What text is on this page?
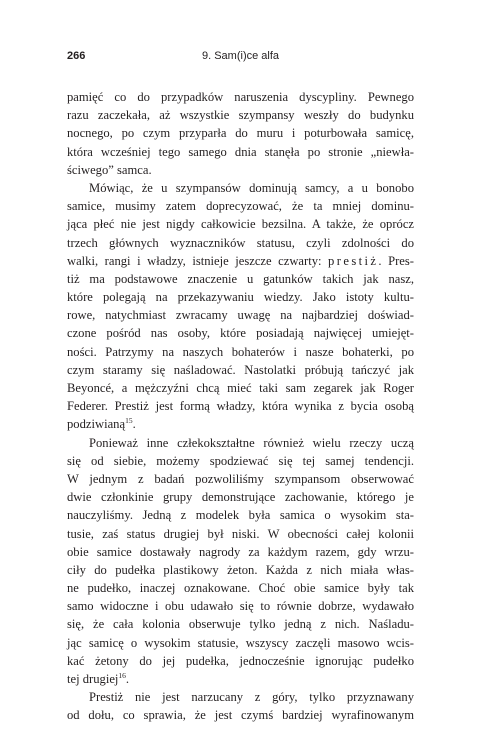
266	9. Sam(i)ce alfa
pamięć co do przypadków naruszenia dyscypliny. Pewnego
razu zaczekała, aż wszystkie szympansy weszły do budynku
nocnego, po czym przyparła do muru i poturbowała samicę,
która wcześniej tego samego dnia stanęła po stronie „niewła-
ściwego” samca.
Mówiąc, że u szympansów dominują samcy, a u bonobo
samice, musimy zatem doprecyzować, że ta mniej dominu-
jąca płeć nie jest nigdy całkowicie bezsilna. A także, że oprócz
trzech głównych wyznaczników statusu, czyli zdolności do
walki, rangi i władzy, istnieje jeszcze czwarty: prestiż. Pres-
tiż ma podstawowe znaczenie u gatunków takich jak nasz,
które polegają na przekazywaniu wiedzy. Jako istoty kultu-
rowe, natychmiast zwracamy uwagę na najbardziej doświad-
czone pośród nas osoby, które posiadają najwięcej umiejęt-
ności. Patrzymy na naszych bohaterów i nasze bohaterki, po
czym staramy się naśladować. Nastolatki próbują tańczyć jak
Beyoncé, a mężczyźni chcą mieć taki sam zegarek jak Roger
Federer. Prestiż jest formą władzy, która wynika z bycia osobą
podziwianą$^{15}$.
Ponieważ inne człekokształtne również wielu rzeczy uczą
się od siebie, możemy spodziewać się tej samej tendencji.
W jednym z badań pozwoliliśmy szympansom obserwować
dwie członkinie grupy demonstrujące zachowanie, którego je
nauczyliśmy. Jedną z modelek była samica o wysokim sta-
tusie, zaś status drugiej był niski. W obecności całej kolonii
obie samice dostawały nagrody za każdym razem, gdy wrzu-
ciły do pudełka plastikowy żeton. Każda z nich miała włas-
ne pudełko, inaczej oznakowane. Choć obie samice były tak
samo widoczne i obu udawało się to równie dobrze, wydawało
się, że cała kolonia obserwuje tylko jedną z nich. Naśladu-
jąc samicę o wysokim statusie, wszyscy zaczęli masowo wcis-
kać żetony do jej pudełka, jednocześnie ignorując pudełko
tej drugiej$^{16}$.
Prestiż nie jest narzucany z góry, tylko przyznawany
od dołu, co sprawia, że jest czymś bardziej wyrafinowanym
